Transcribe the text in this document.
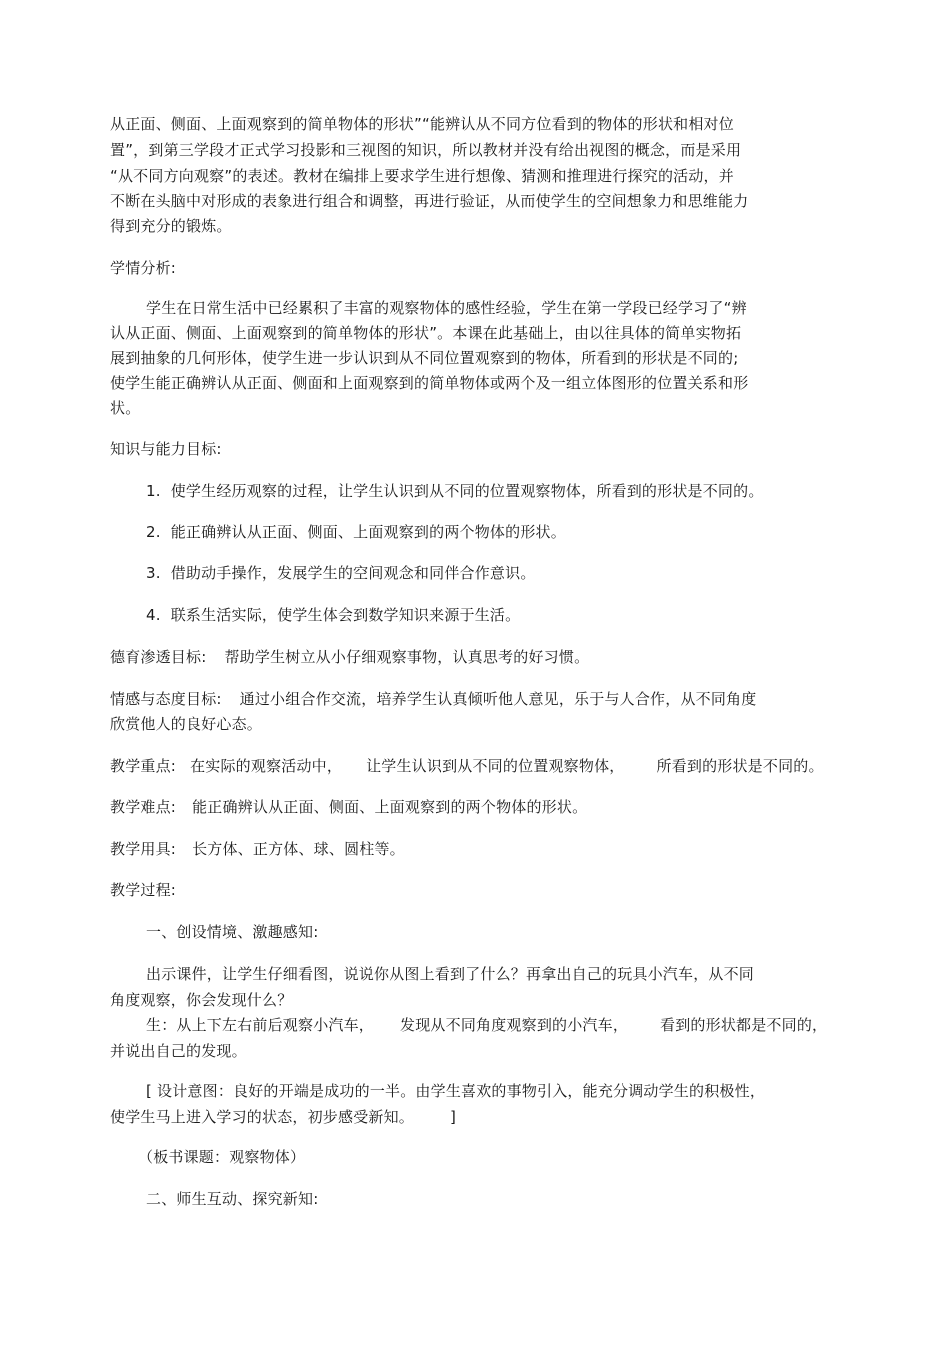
从正面、侧面、上面观察到的简单物体的形状”“能辨认从不同方位看到的物体的形状和相对位
置”，到第三学段才正式学习投影和三视图的知识，所以教材并没有给出视图的概念，而是采用
“从不同方向观察”的表述。教材在编排上要求学生进行想像、猜测和推理进行探究的活动，并
不断在头脑中对形成的表象进行组合和调整，再进行验证，从而使学生的空间想象力和思维能力
得到充分的锻炼。
学情分析:
学生在日常生活中已经累积了丰富的观察物体的感性经验，学生在第一学段已经学习了“辨
认从正面、侧面、上面观察到的简单物体的形状”。本课在此基础上，由以往具体的简单实物拓
展到抽象的几何形体，使学生进一步认识到从不同位置观察到的物体，所看到的形状是不同的;
使学生能正确辨认从正面、侧面和上面观察到的简单物体或两个及一组立体图形的位置关系和形
状。
知识与能力目标:
1. 使学生经历观察的过程，让学生认识到从不同的位置观察物体，所看到的形状是不同的。
2. 能正确辨认从正面、侧面、上面观察到的两个物体的形状。
3. 借助动手操作，发展学生的空间观念和同伴合作意识。
4. 联系生活实际，使学生体会到数学知识来源于生活。
德育渗透目标: 帮助学生树立从小仔细观察事物，认真思考的好习惯。
情感与态度目标: 通过小组合作交流，培养学生认真倾听他人意见，乐于与人合作，从不同角度
欣赏他人的良好心态。
教学重点: 在实际的观察活动中， 让学生认识到从不同的位置观察物体， 所看到的形状是不同的。
教学难点: 能正确辨认从正面、侧面、上面观察到的两个物体的形状。
教学用具: 长方体、正方体、球、圆柱等。
教学过程:
一、创设情境、激趣感知:
出示课件，让学生仔细看图，说说你从图上看到了什么？再拿出自己的玩具小汽车，从不同
角度观察，你会发现什么？
生：从上下左右前后观察小汽车， 发现从不同角度观察到的小汽车， 看到的形状都是不同的，
并说出自己的发现。
[ 设计意图：良好的开端是成功的一半。由学生喜欢的事物引入，能充分调动学生的积极性，
使学生马上进入学习的状态，初步感受新知。 ]
（板书课题：观察物体）
二、师生互动、探究新知:
